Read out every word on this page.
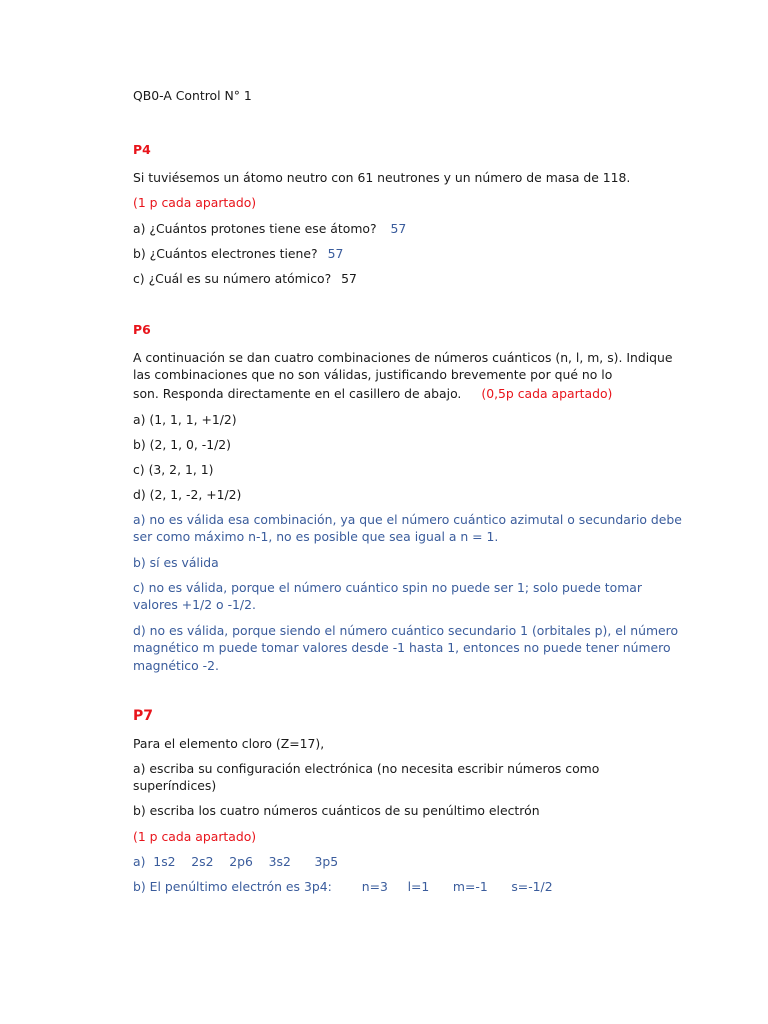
QB0-A Control N° 1
P4
Si tuviésemos un átomo neutro con 61 neutrones y un número de masa de 118.
(1 p cada apartado)
a) ¿Cuántos protones tiene ese átomo? 57
b) ¿Cuántos electrones tiene? 57
c) ¿Cuál es su número atómico? 57
P6
A continuación se dan cuatro combinaciones de números cuánticos (n, l, m, s). Indique
las combinaciones que no son válidas, justificando brevemente por qué no lo
son. Responda directamente en el casillero de abajo. (0,5p cada apartado)
a) (1, 1, 1, +1/2)
b) (2, 1, 0, -1/2)
c) (3, 2, 1, 1)
d) (2, 1, -2, +1/2)
a) no es válida esa combinación, ya que el número cuántico azimutal o secundario debe
ser como máximo n-1, no es posible que sea igual a n = 1.
b) sí es válida
c) no es válida, porque el número cuántico spin no puede ser 1; solo puede tomar
valores +1/2 o -1/2.
d) no es válida, porque siendo el número cuántico secundario 1 (orbitales p), el número
magnético m puede tomar valores desde -1 hasta 1, entonces no puede tener número
magnético -2.
P7
Para el elemento cloro (Z=17),
a) escriba su configuración electrónica (no necesita escribir números como
superíndices)
b) escriba los cuatro números cuánticos de su penúltimo electrón
(1 p cada apartado)
a)  1s2    2s2    2p6    3s2      3p5
b) El penúltimo electrón es 3p4: n=3     l=1      m=-1      s=-1/2
